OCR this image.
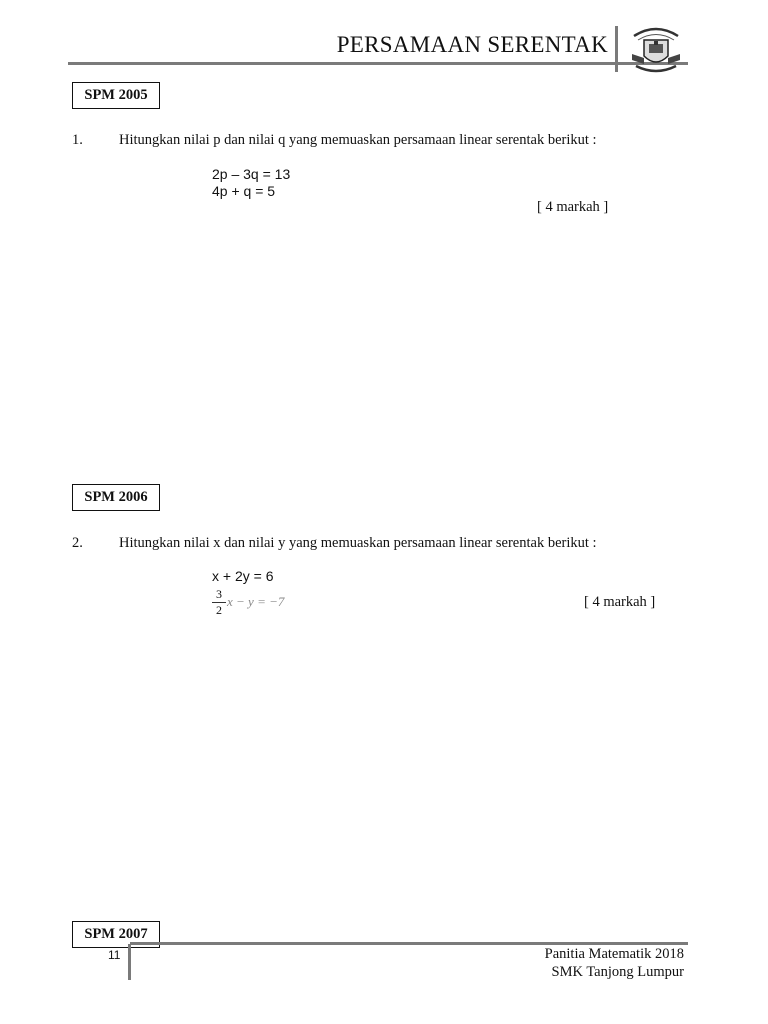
PERSAMAAN SERENTAK
SPM 2005
1. Hitungkan nilai p dan nilai q yang memuaskan persamaan linear serentak berikut :
2p – 3q = 13
4p + q = 5
[ 4 markah ]
SPM 2006
2. Hitungkan nilai x dan nilai y yang memuaskan persamaan linear serentak berikut :
x + 2y = 6
3
2
x − y = −7	[ 4 markah ]
SPM 2007
11	Panitia Matematik 2018
SMK Tanjong Lumpur
